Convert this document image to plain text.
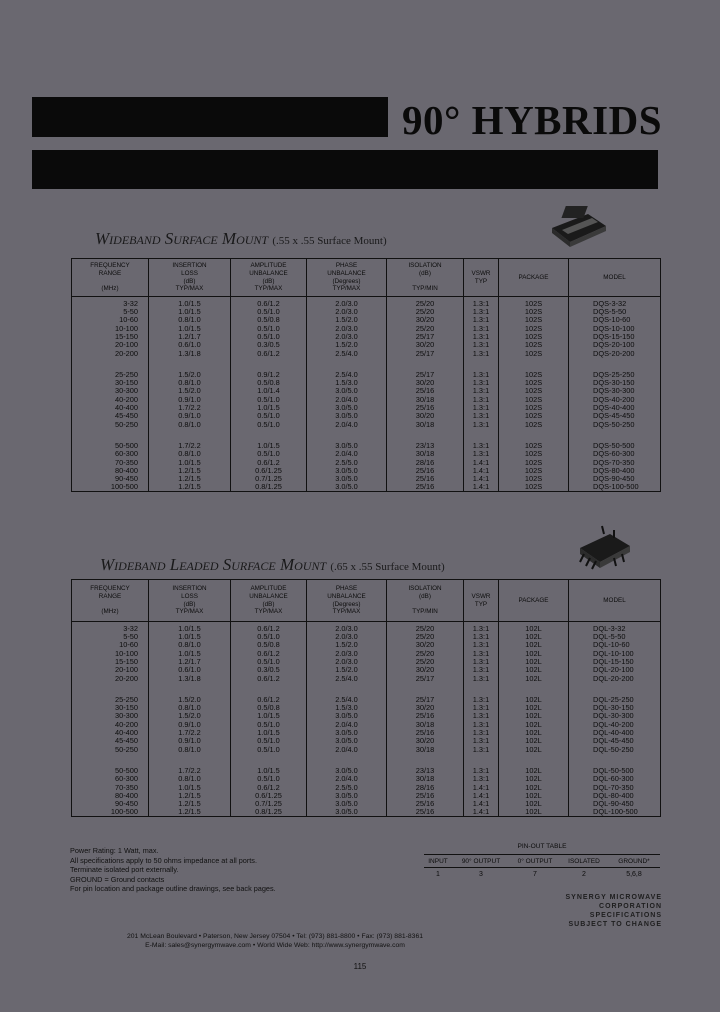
90° HYBRIDS
Wideband Surface Mount (.55 x .55 Surface Mount)
FREQUENCY
RANGE

(MHz)	INSERTION
LOSS
(dB)
TYP/MAX	AMPLITUDE
UNBALANCE
(dB)
TYP/MAX	PHASE
UNBALANCE
(Degrees)
TYP/MAX	ISOLATION
(dB)

TYP/MIN	VSWR
TYP	PACKAGE	MODEL

3-32	1.0/1.5	0.6/1.2	2.0/3.0	25/20	1.3:1	102S	DQS-3-32
5-50	1.0/1.5	0.5/1.0	2.0/3.0	25/20	1.3:1	102S	DQS-5-50
10-60	0.8/1.0	0.5/0.8	1.5/2.0	30/20	1.3:1	102S	DQS-10-60
10-100	1.0/1.5	0.5/1.0	2.0/3.0	25/20	1.3:1	102S	DQS-10-100
15-150	1.2/1.7	0.5/1.0	2.0/3.0	25/17	1.3:1	102S	DQS-15-150
20-100	0.6/1.0	0.3/0.5	1.5/2.0	30/20	1.3:1	102S	DQS-20-100
20-200	1.3/1.8	0.6/1.2	2.5/4.0	25/17	1.3:1	102S	DQS-20-200

25-250	1.5/2.0	0.9/1.2	2.5/4.0	25/17	1.3:1	102S	DQS-25-250
30-150	0.8/1.0	0.5/0.8	1.5/3.0	30/20	1.3:1	102S	DQS-30-150
30-300	1.5/2.0	1.0/1.4	3.0/5.0	25/16	1.3:1	102S	DQS-30-300
40-200	0.9/1.0	0.5/1.0	2.0/4.0	30/18	1.3:1	102S	DQS-40-200
40-400	1.7/2.2	1.0/1.5	3.0/5.0	25/16	1.3:1	102S	DQS-40-400
45-450	0.9/1.0	0.5/1.0	3.0/5.0	30/20	1.3:1	102S	DQS-45-450
50-250	0.8/1.0	0.5/1.0	2.0/4.0	30/18	1.3:1	102S	DQS-50-250

50-500	1.7/2.2	1.0/1.5	3.0/5.0	23/13	1.3:1	102S	DQS-50-500
60-300	0.8/1.0	0.5/1.0	2.0/4.0	30/18	1.3:1	102S	DQS-60-300
70-350	1.0/1.5	0.6/1.2	2.5/5.0	28/16	1.4:1	102S	DQS-70-350
80-400	1.2/1.5	0.6/1.25	3.0/5.0	25/16	1.4:1	102S	DQS-80-400
90-450	1.2/1.5	0.7/1.25	3.0/5.0	25/16	1.4:1	102S	DQS-90-450
100-500	1.2/1.5	0.8/1.25	3.0/5.0	25/16	1.4:1	102S	DQS-100-500
Wideband Leaded Surface Mount (.65 x .55 Surface Mount)
FREQUENCY
RANGE

(MHz)	INSERTION
LOSS
(dB)
TYP/MAX	AMPLITUDE
UNBALANCE
(dB)
TYP/MAX	PHASE
UNBALANCE
(Degrees)
TYP/MAX	ISOLATION
(dB)

TYP/MIN	VSWR
TYP	PACKAGE	MODEL

3-32	1.0/1.5	0.6/1.2	2.0/3.0	25/20	1.3:1	102L	DQL-3-32
5-50	1.0/1.5	0.5/1.0	2.0/3.0	25/20	1.3:1	102L	DQL-5-50
10-60	0.8/1.0	0.5/0.8	1.5/2.0	30/20	1.3:1	102L	DQL-10-60
10-100	1.0/1.5	0.6/1.2	2.0/3.0	25/20	1.3:1	102L	DQL-10-100
15-150	1.2/1.7	0.5/1.0	2.0/3.0	25/20	1.3:1	102L	DQL-15-150
20-100	0.6/1.0	0.3/0.5	1.5/2.0	30/20	1.3:1	102L	DQL-20-100
20-200	1.3/1.8	0.6/1.2	2.5/4.0	25/17	1.3:1	102L	DQL-20-200

25-250	1.5/2.0	0.6/1.2	2.5/4.0	25/17	1.3:1	102L	DQL-25-250
30-150	0.8/1.0	0.5/0.8	1.5/3.0	30/20	1.3:1	102L	DQL-30-150
30-300	1.5/2.0	1.0/1.5	3.0/5.0	25/16	1.3:1	102L	DQL-30-300
40-200	0.9/1.0	0.5/1.0	2.0/4.0	30/18	1.3:1	102L	DQL-40-200
40-400	1.7/2.2	1.0/1.5	3.0/5.0	25/16	1.3:1	102L	DQL-40-400
45-450	0.9/1.0	0.5/1.0	3.0/5.0	30/20	1.3:1	102L	DQL-45-450
50-250	0.8/1.0	0.5/1.0	2.0/4.0	30/18	1.3:1	102L	DQL-50-250

50-500	1.7/2.2	1.0/1.5	3.0/5.0	23/13	1.3:1	102L	DQL-50-500
60-300	0.8/1.0	0.5/1.0	2.0/4.0	30/18	1.3:1	102L	DQL-60-300
70-350	1.0/1.5	0.6/1.2	2.5/5.0	28/16	1.4:1	102L	DQL-70-350
80-400	1.2/1.5	0.6/1.25	3.0/5.0	25/16	1.4:1	102L	DQL-80-400
90-450	1.2/1.5	0.7/1.25	3.0/5.0	25/16	1.4:1	102L	DQL-90-450
100-500	1.2/1.5	0.8/1.25	3.0/5.0	25/16	1.4:1	102L	DQL-100-500
Power Rating: 1 Watt, max.
All specifications apply to 50 ohms impedance at all ports.
Terminate isolated port externally.
GROUND = Ground contacts
For pin location and package outline drawings, see back pages.
PIN-OUT TABLE
INPUT	90° OUTPUT	0° OUTPUT	ISOLATED	GROUND*
1	3	7	2	5,6,8
SYNERGY MICROWAVE
CORPORATION
SPECIFICATIONS
SUBJECT TO CHANGE
201 McLean Boulevard • Paterson, New Jersey 07504 • Tel: (973) 881-8800 • Fax: (973) 881-8361
E-Mail: sales@synergymwave.com • World Wide Web: http://www.synergymwave.com
115
